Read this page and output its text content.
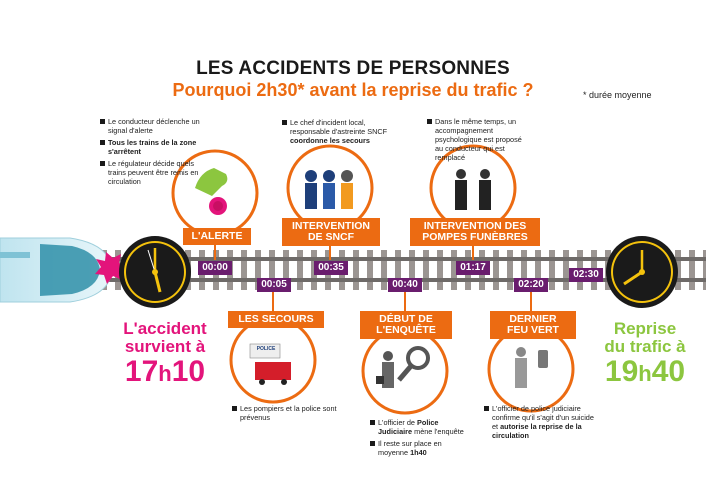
LES ACCIDENTS DE PERSONNES
Pourquoi 2h30* avant la reprise du trafic ?	* durée moyenne
00:00
00:05
00:35
00:40
01:17
02:20
02:30
L'ALERTE
INTERVENTION
DE SNCF
INTERVENTION DES
POMPES FUNÈBRES
LES SECOURS	DÉBUT DE
L'ENQUÊTE
DERNIER
FEU VERT

Le conducteur déclenche un signal d'alerte

Tous les trains de la zone s'arrêtent

Le régulateur décide quels trains peuvent être remis en circulation

Le chef d'incident local, responsable d'astreinte SNCF coordonne les secours

Dans le même temps, un accompagnement psychologique est proposé au conducteur qui est remplacé

Les pompiers et la police sont prévenus

L'officier de Police Judiciaire mène l'enquête

Il reste sur place en moyenne 1h40

L'officier de police judiciaire confirme qu'il s'agit d'un suicide et autorise la reprise de la circulation

POLICE
L'accident
survient à
17h10
Reprise
du trafic à
19h40
